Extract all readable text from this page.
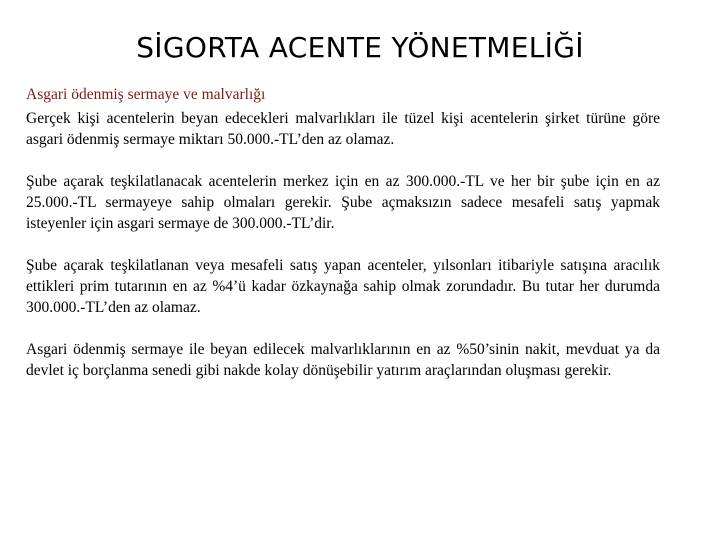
SİGORTA ACENTE YÖNETMELİĞİ

Asgari ödenmiş sermaye ve malvarlığı

Gerçek kişi acentelerin beyan edecekleri malvarlıkları ile tüzel kişi acentelerin şirket türüne göre asgari ödenmiş sermaye miktarı 50.000.-TL’den az olamaz.

Şube açarak teşkilatlanacak acentelerin merkez için en az 300.000.-TL ve her bir şube için en az 25.000.-TL sermayeye sahip olmaları gerekir. Şube açmaksızın sadece mesafeli satış yapmak isteyenler için asgari sermaye de 300.000.-TL’dir.

Şube açarak teşkilatlanan veya mesafeli satış yapan acenteler, yılsonları itibariyle satışına aracılık ettikleri prim tutarının en az %4’ü kadar özkaynağa sahip olmak zorundadır. Bu tutar her durumda 300.000.-TL’den az olamaz.

Asgari ödenmiş sermaye ile beyan edilecek malvarlıklarının en az %50’sinin nakit, mevduat ya da devlet iç borçlanma senedi gibi nakde kolay dönüşebilir yatırım araçlarından oluşması gerekir.
